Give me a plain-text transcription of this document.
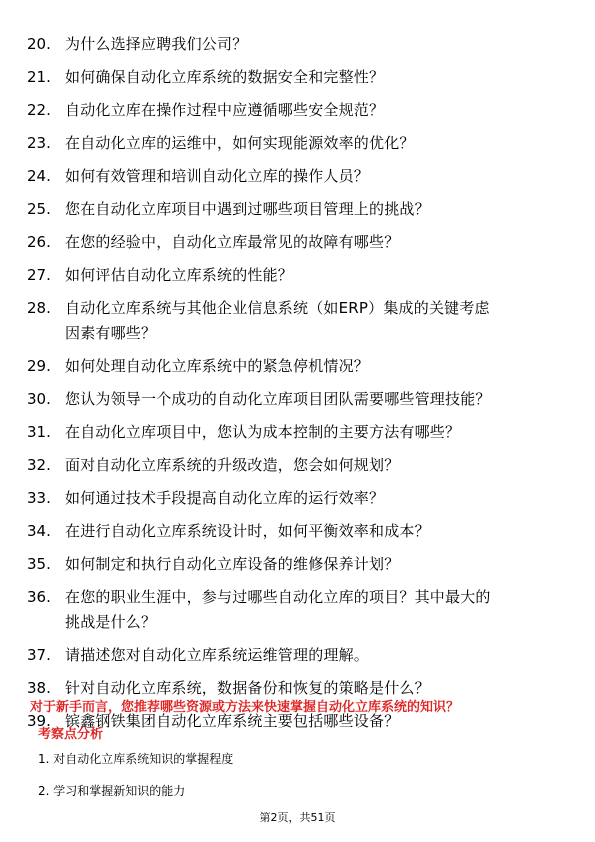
20. 为什么选择应聘我们公司？
21. 如何确保自动化立库系统的数据安全和完整性？
22. 自动化立库在操作过程中应遵循哪些安全规范？
23. 在自动化立库的运维中，如何实现能源效率的优化？
24. 如何有效管理和培训自动化立库的操作人员？
25. 您在自动化立库项目中遇到过哪些项目管理上的挑战？
26. 在您的经验中，自动化立库最常见的故障有哪些？
27. 如何评估自动化立库系统的性能？
28. 自动化立库系统与其他企业信息系统（如ERP）集成的关键考虑
因素有哪些？
29. 如何处理自动化立库系统中的紧急停机情况？
30. 您认为领导一个成功的自动化立库项目团队需要哪些管理技能？
31. 在自动化立库项目中，您认为成本控制的主要方法有哪些？
32. 面对自动化立库系统的升级改造，您会如何规划？
33. 如何通过技术手段提高自动化立库的运行效率？
34. 在进行自动化立库系统设计时，如何平衡效率和成本？
35. 如何制定和执行自动化立库设备的维修保养计划？
36. 在您的职业生涯中，参与过哪些自动化立库的项目？其中最大的
挑战是什么？
37. 请描述您对自动化立库系统运维管理的理解。
38. 针对自动化立库系统，数据备份和恢复的策略是什么？
39. 镔鑫钢铁集团自动化立库系统主要包括哪些设备？
对于新手而言，您推荐哪些资源或方法来快速掌握自动化立库系统的知识？
考察点分析
1. 对自动化立库系统知识的掌握程度
2. 学习和掌握新知识的能力
第2页，共51页
